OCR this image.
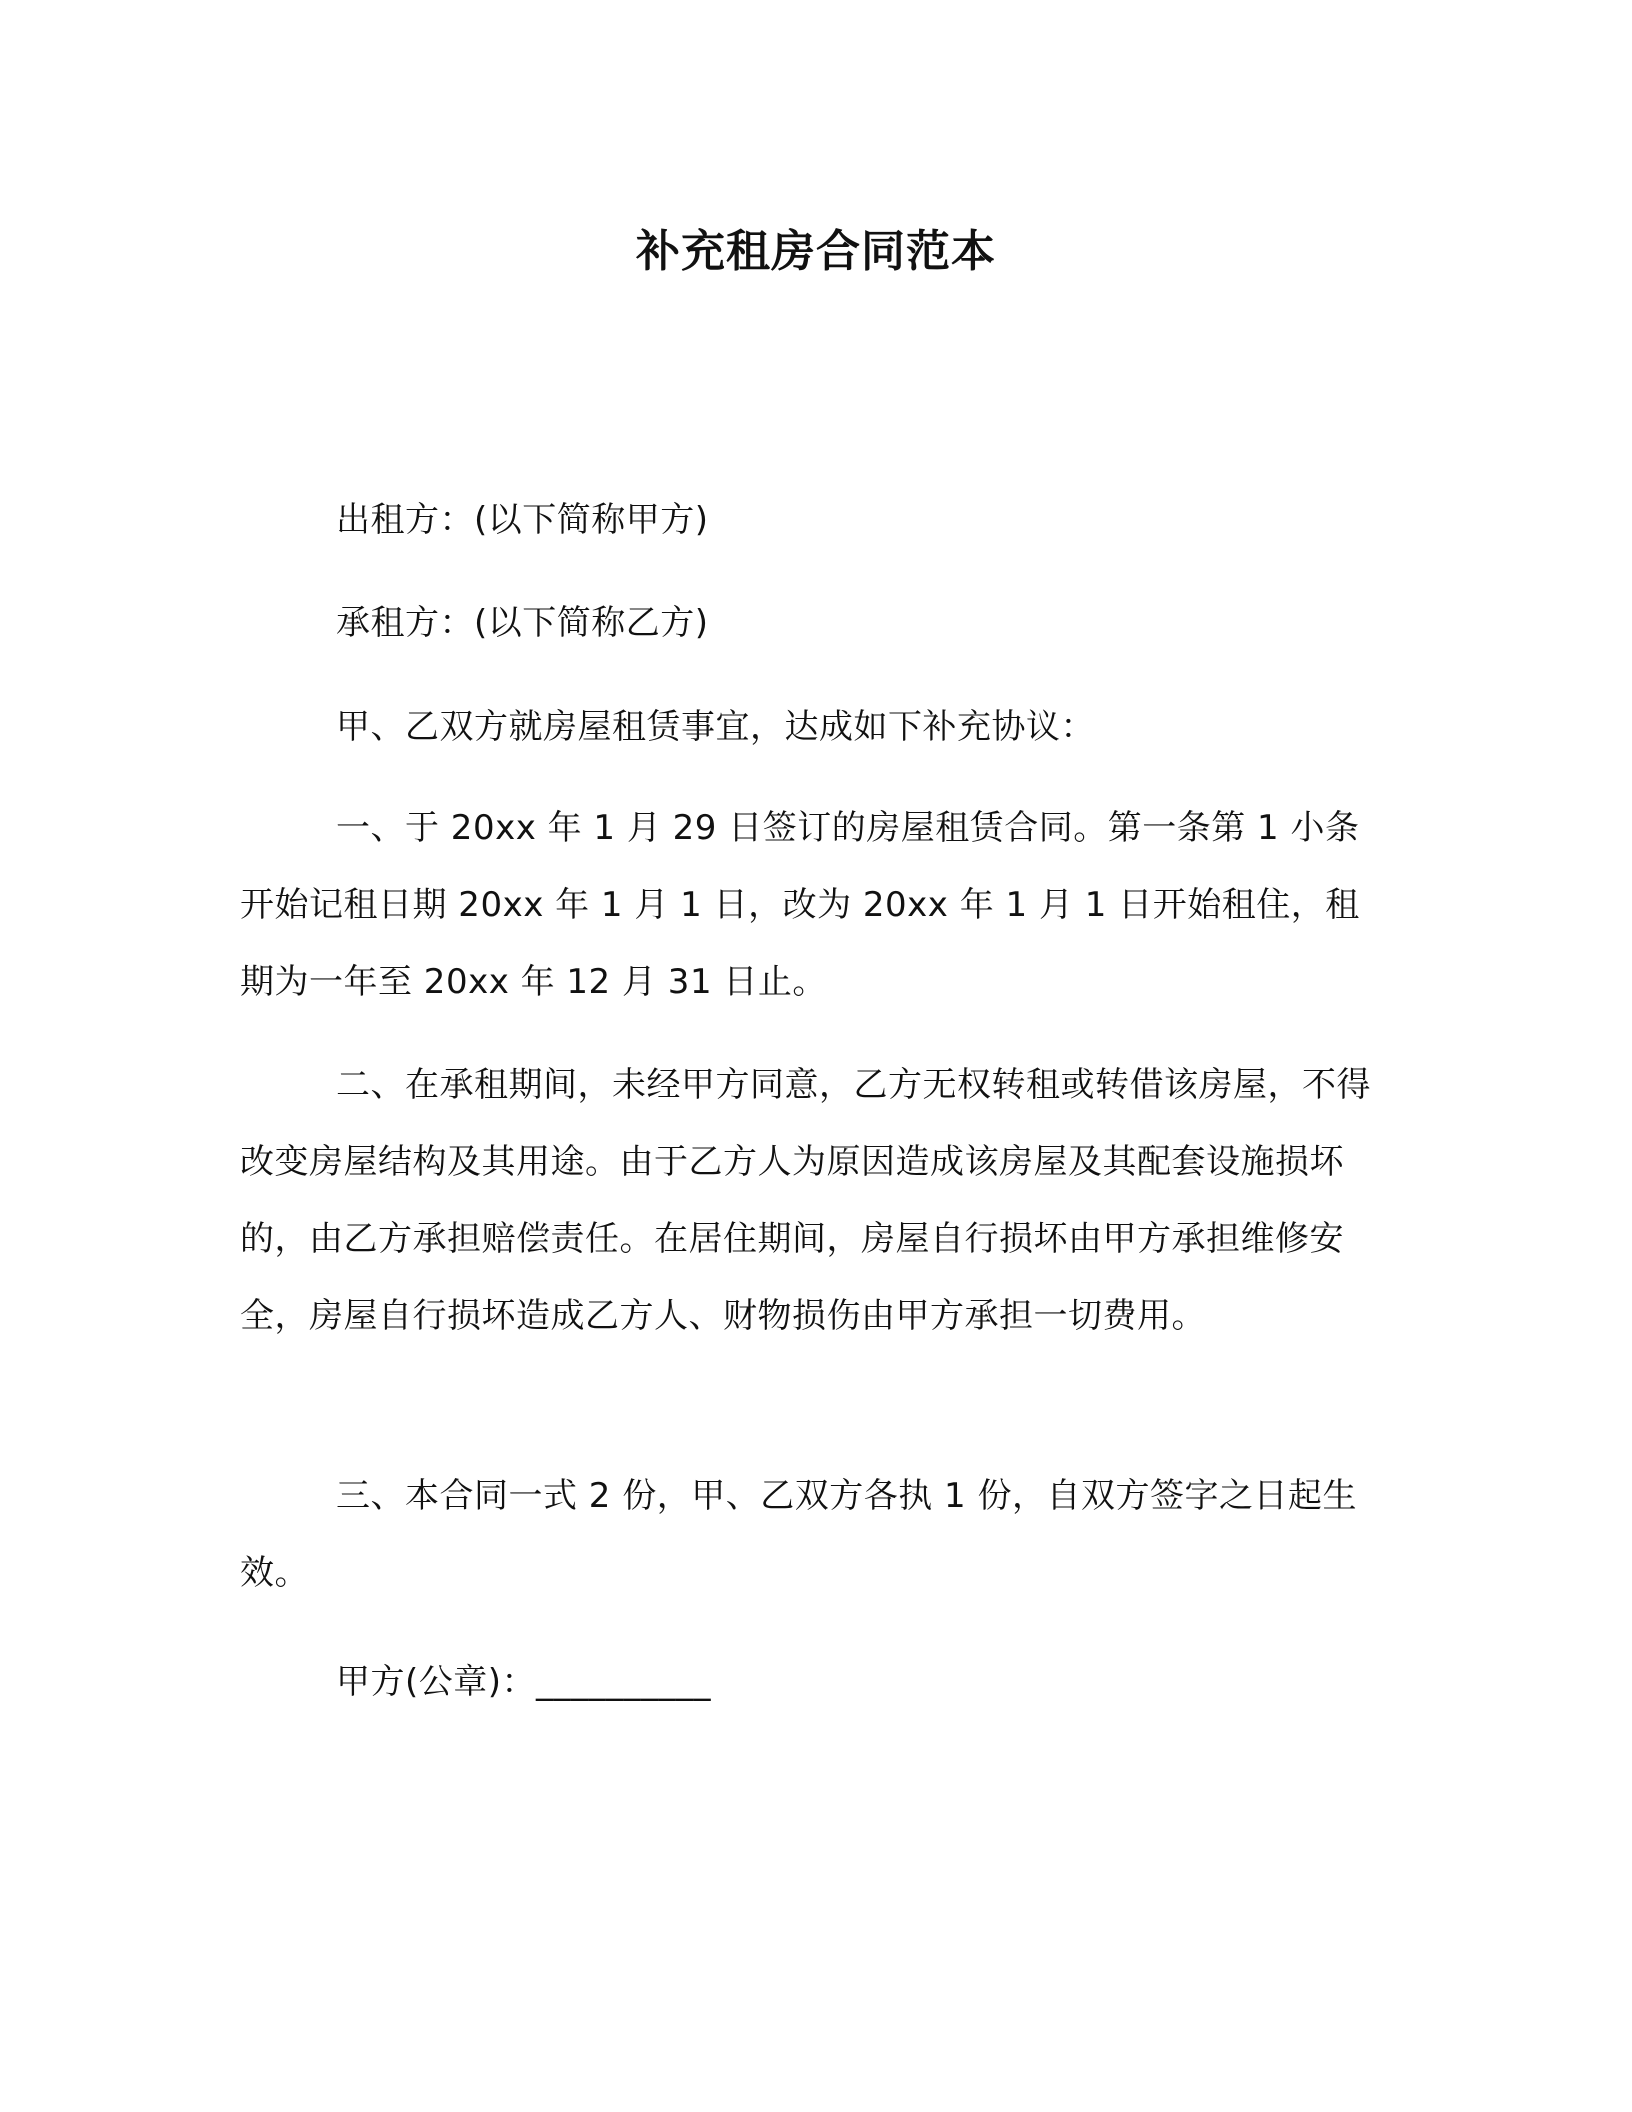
补充租房合同范本
出租方：(以下简称甲方)
承租方：(以下简称乙方)
甲、乙双方就房屋租赁事宜，达成如下补充协议：

一、于 20xx 年 1 月 29 日签订的房屋租赁合同。第一条第 1 小条开始记租日期 20xx 年 1 月 1 日，改为 20xx 年 1 月 1 日开始租住，租期为一年至 20xx 年 12 月 31 日止。

二、在承租期间，未经甲方同意，乙方无权转租或转借该房屋，不得改变房屋结构及其用途。由于乙方人为原因造成该房屋及其配套设施损坏的，由乙方承担赔偿责任。在居住期间，房屋自行损坏由甲方承担维修安全，房屋自行损坏造成乙方人、财物损伤由甲方承担一切费用。

三、本合同一式 2 份，甲、乙双方各执 1 份，自双方签字之日起生效。

甲方(公章)：__________
